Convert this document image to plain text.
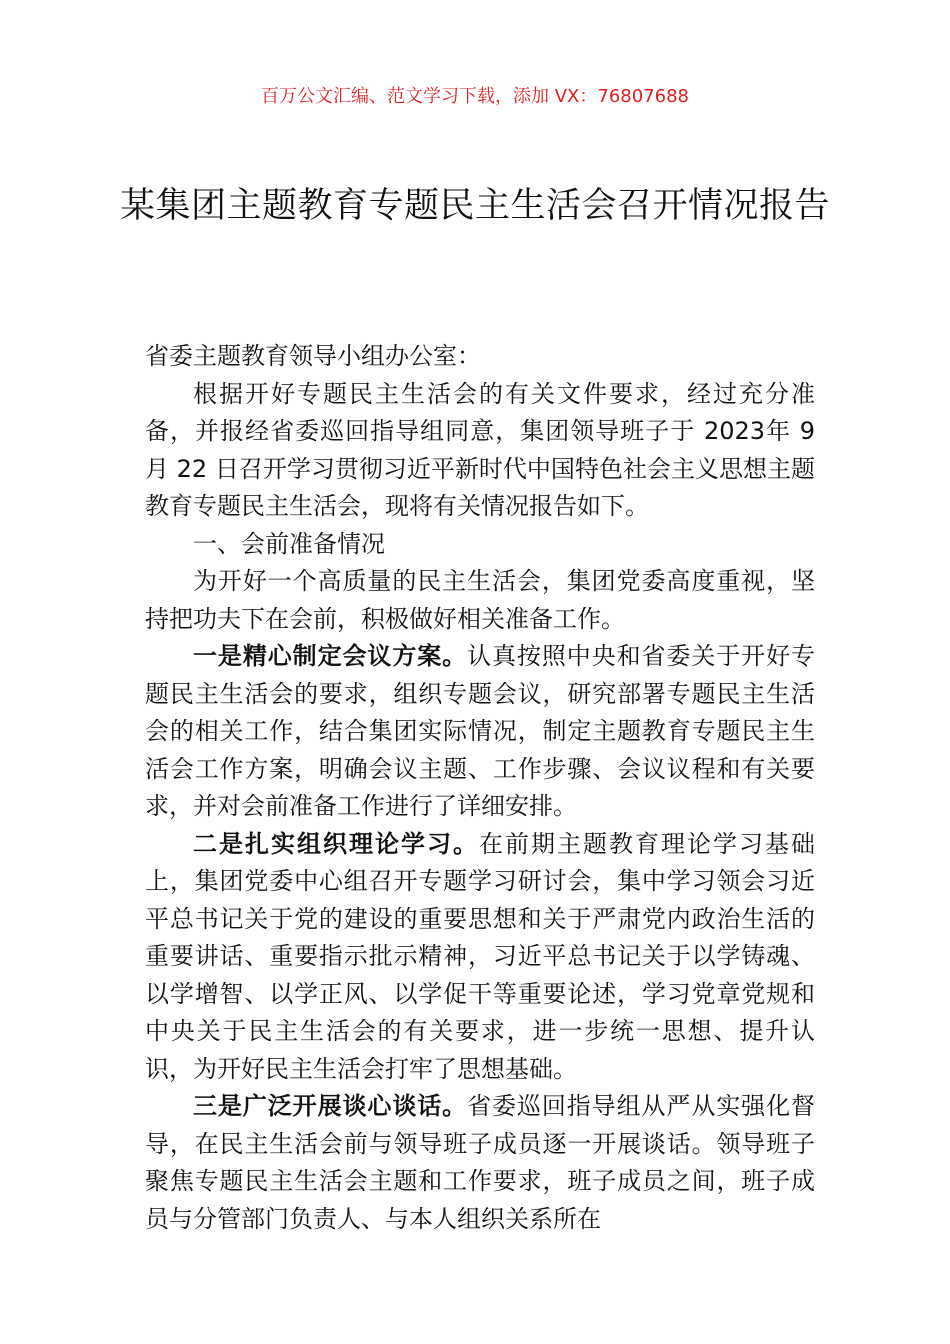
百万公文汇编、范文学习下载，添加 VX：76807688
某集团主题教育专题民主生活会召开情况报告

省委主题教育领导小组办公室：

根据开好专题民主生活会的有关文件要求，经过充分准备，并报经省委巡回指导组同意，集团领导班子于 2023年 9 月 22 日召开学习贯彻习近平新时代中国特色社会主义思想主题教育专题民主生活会，现将有关情况报告如下。

一、会前准备情况

为开好一个高质量的民主生活会，集团党委高度重视，坚持把功夫下在会前，积极做好相关准备工作。

一是精心制定会议方案。认真按照中央和省委关于开好专题民主生活会的要求，组织专题会议，研究部署专题民主生活会的相关工作，结合集团实际情况，制定主题教育专题民主生活会工作方案，明确会议主题、工作步骤、会议议程和有关要求，并对会前准备工作进行了详细安排。

二是扎实组织理论学习。在前期主题教育理论学习基础上，集团党委中心组召开专题学习研讨会，集中学习领会习近平总书记关于党的建设的重要思想和关于严肃党内政治生活的重要讲话、重要指示批示精神，习近平总书记关于以学铸魂、以学增智、以学正风、以学促干等重要论述，学习党章党规和中央关于民主生活会的有关要求，进一步统一思想、提升认识，为开好民主生活会打牢了思想基础。

三是广泛开展谈心谈话。省委巡回指导组从严从实强化督导，在民主生活会前与领导班子成员逐一开展谈话。领导班子聚焦专题民主生活会主题和工作要求，班子成员之间，班子成员与分管部门负责人、与本人组织关系所在
